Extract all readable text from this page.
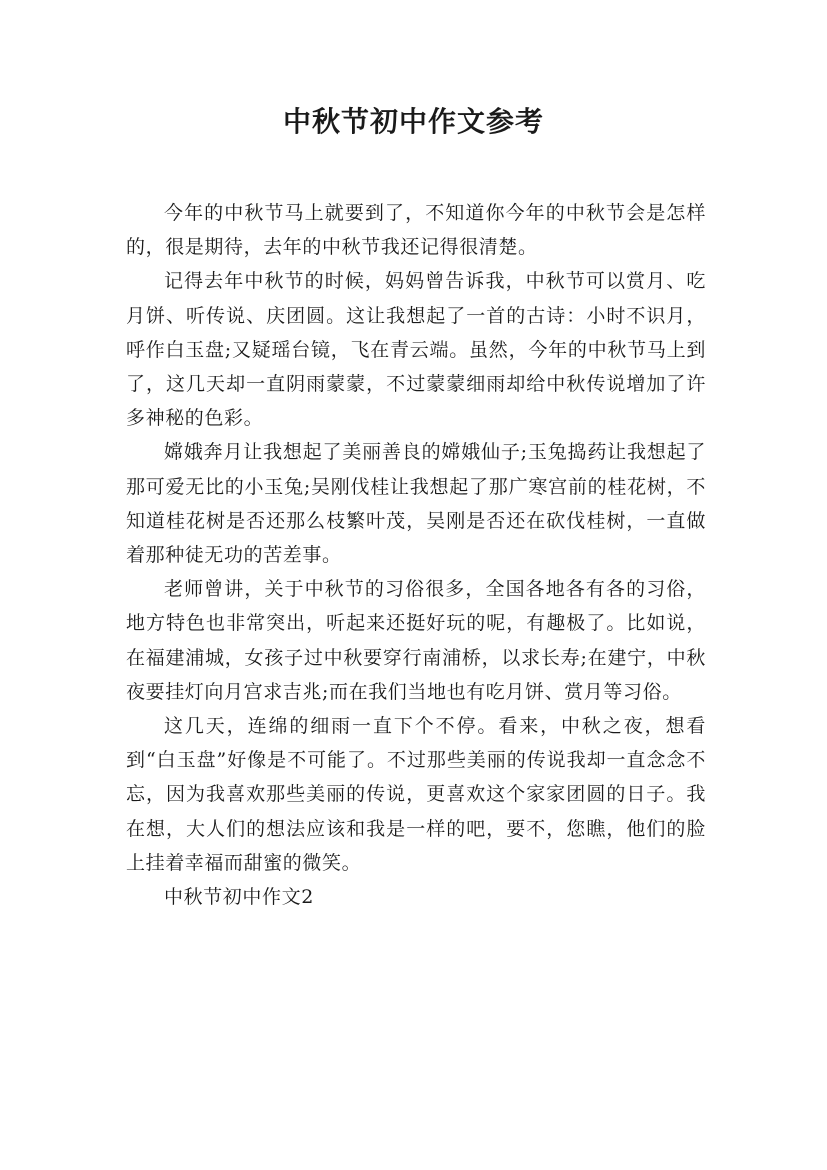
中秋节初中作文参考

今年的中秋节马上就要到了，不知道你今年的中秋节会是怎样的，很是期待，去年的中秋节我还记得很清楚。

记得去年中秋节的时候，妈妈曾告诉我，中秋节可以赏月、吃月饼、听传说、庆团圆。这让我想起了一首的古诗：小时不识月，呼作白玉盘;又疑瑶台镜，飞在青云端。虽然，今年的中秋节马上到了，这几天却一直阴雨蒙蒙，不过蒙蒙细雨却给中秋传说增加了许多神秘的色彩。

嫦娥奔月让我想起了美丽善良的嫦娥仙子;玉兔捣药让我想起了那可爱无比的小玉兔;吴刚伐桂让我想起了那广寒宫前的桂花树，不知道桂花树是否还那么枝繁叶茂，吴刚是否还在砍伐桂树，一直做着那种徒无功的苦差事。

老师曾讲，关于中秋节的习俗很多，全国各地各有各的习俗，地方特色也非常突出，听起来还挺好玩的呢，有趣极了。比如说，在福建浦城，女孩子过中秋要穿行南浦桥，以求长寿;在建宁，中秋夜要挂灯向月宫求吉兆;而在我们当地也有吃月饼、赏月等习俗。

这几天，连绵的细雨一直下个不停。看来，中秋之夜，想看到“白玉盘”好像是不可能了。不过那些美丽的传说我却一直念念不忘，因为我喜欢那些美丽的传说，更喜欢这个家家团圆的日子。我在想，大人们的想法应该和我是一样的吧，要不，您瞧，他们的脸上挂着幸福而甜蜜的微笑。

中秋节初中作文2
